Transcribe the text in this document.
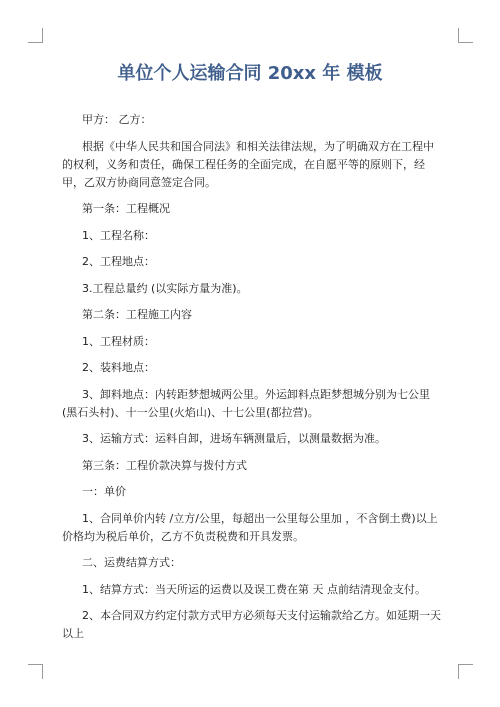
单位个人运输合同 20xx 年 模板

甲方： 乙方：

根据《中华人民共和国合同法》和相关法律法规，为了明确双方在工程中的权利，义务和责任，确保工程任务的全面完成，在自愿平等的原则下，经甲，乙双方协商同意签定合同。

第一条：工程概况

1、工程名称：

2、工程地点：

3.工程总量约 (以实际方量为准)。

第二条：工程施工内容

1、工程材质：

2、装料地点：

3、卸料地点：内转距梦想城两公里。外运卸料点距梦想城分别为七公里(黑石头村)、十一公里(火焰山)、十七公里(都拉营)。

3、运输方式：运料自卸，进场车辆测量后，以测量数据为准。

第三条：工程价款决算与拨付方式

一：单价

1、合同单价内转 /立方/公里，每超出一公里每公里加 ，不含倒土费)以上价格均为税后单价，乙方不负责税费和开具发票。

二、运费结算方式：

1、结算方式：当天所运的运费以及误工费在第 天 点前结清现金支付。

2、本合同双方约定付款方式甲方必须每天支付运输款给乙方。如延期一天以上
